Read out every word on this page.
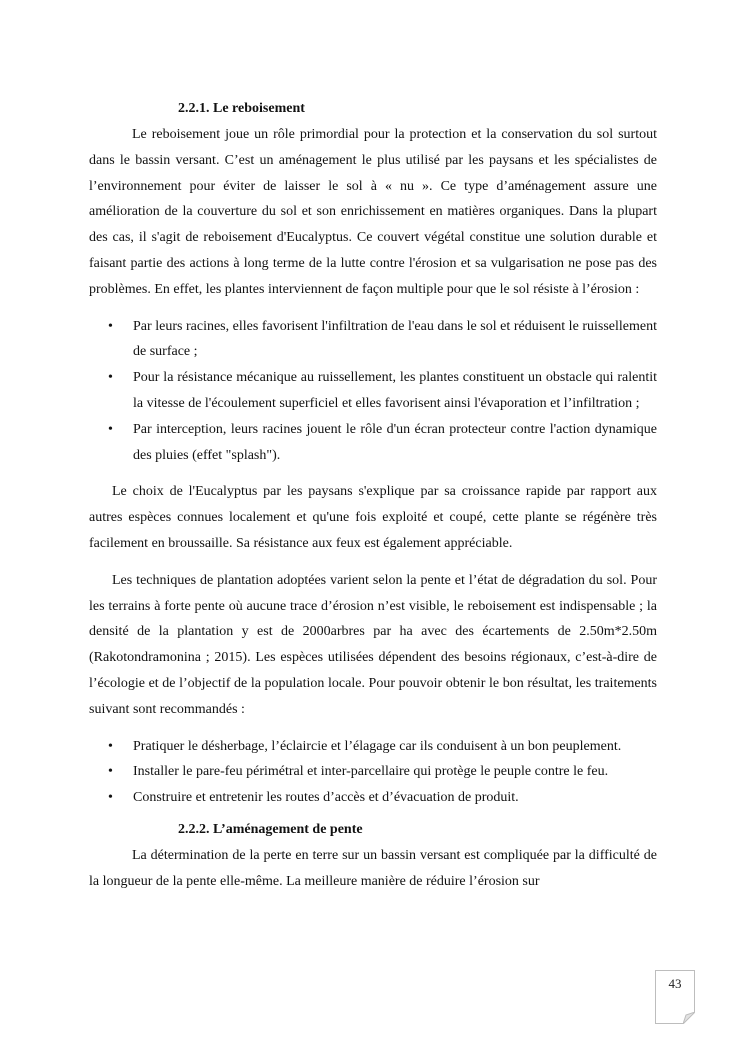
2.2.1. Le reboisement

Le reboisement joue un rôle primordial pour la protection et la conservation du sol surtout dans le bassin versant. C’est un aménagement le plus utilisé par les paysans et les spécialistes de l’environnement pour éviter de laisser le sol à « nu ». Ce type d’aménagement assure une amélioration de la couverture du sol et son enrichissement en matières organiques. Dans la plupart des cas, il s'agit de reboisement d'Eucalyptus. Ce couvert végétal constitue une solution durable et faisant partie des actions à long terme de la lutte contre l'érosion et sa vulgarisation ne pose pas des problèmes. En effet, les plantes interviennent de façon multiple pour que le sol résiste à l’érosion :

• Par leurs racines, elles favorisent l'infiltration de l'eau dans le sol et réduisent le ruissellement de surface ;
• Pour la résistance mécanique au ruissellement, les plantes constituent un obstacle qui ralentit la vitesse de l'écoulement superficiel et elles favorisent ainsi l'évaporation et l’infiltration ;
• Par interception, leurs racines jouent le rôle d'un écran protecteur contre l'action dynamique des pluies (effet "splash").

Le choix de l'Eucalyptus par les paysans s'explique par sa croissance rapide par rapport aux autres espèces connues localement et qu'une fois exploité et coupé, cette plante se régénère très facilement en broussaille. Sa résistance aux feux est également appréciable.

Les techniques de plantation adoptées varient selon la pente et l’état de dégradation du sol. Pour les terrains à forte pente où aucune trace d’érosion n’est visible, le reboisement est indispensable ; la densité de la plantation y est de 2000arbres par ha avec des écartements de 2.50m*2.50m (Rakotondramonina ; 2015). Les espèces utilisées dépendent des besoins régionaux, c’est-à-dire de l’écologie et de l’objectif de la population locale. Pour pouvoir obtenir le bon résultat, les traitements suivant sont recommandés :

• Pratiquer le désherbage, l’éclaircie et l’élagage car ils conduisent à un bon peuplement.
• Installer le pare-feu périmétral et inter-parcellaire qui protège le peuple contre le feu.
• Construire et entretenir les routes d’accès et d’évacuation de produit.

2.2.2. L’aménagement de pente

La détermination de la perte en terre sur un bassin versant est compliquée par la difficulté de la longueur de la pente elle-même. La meilleure manière de réduire l’érosion sur

43
